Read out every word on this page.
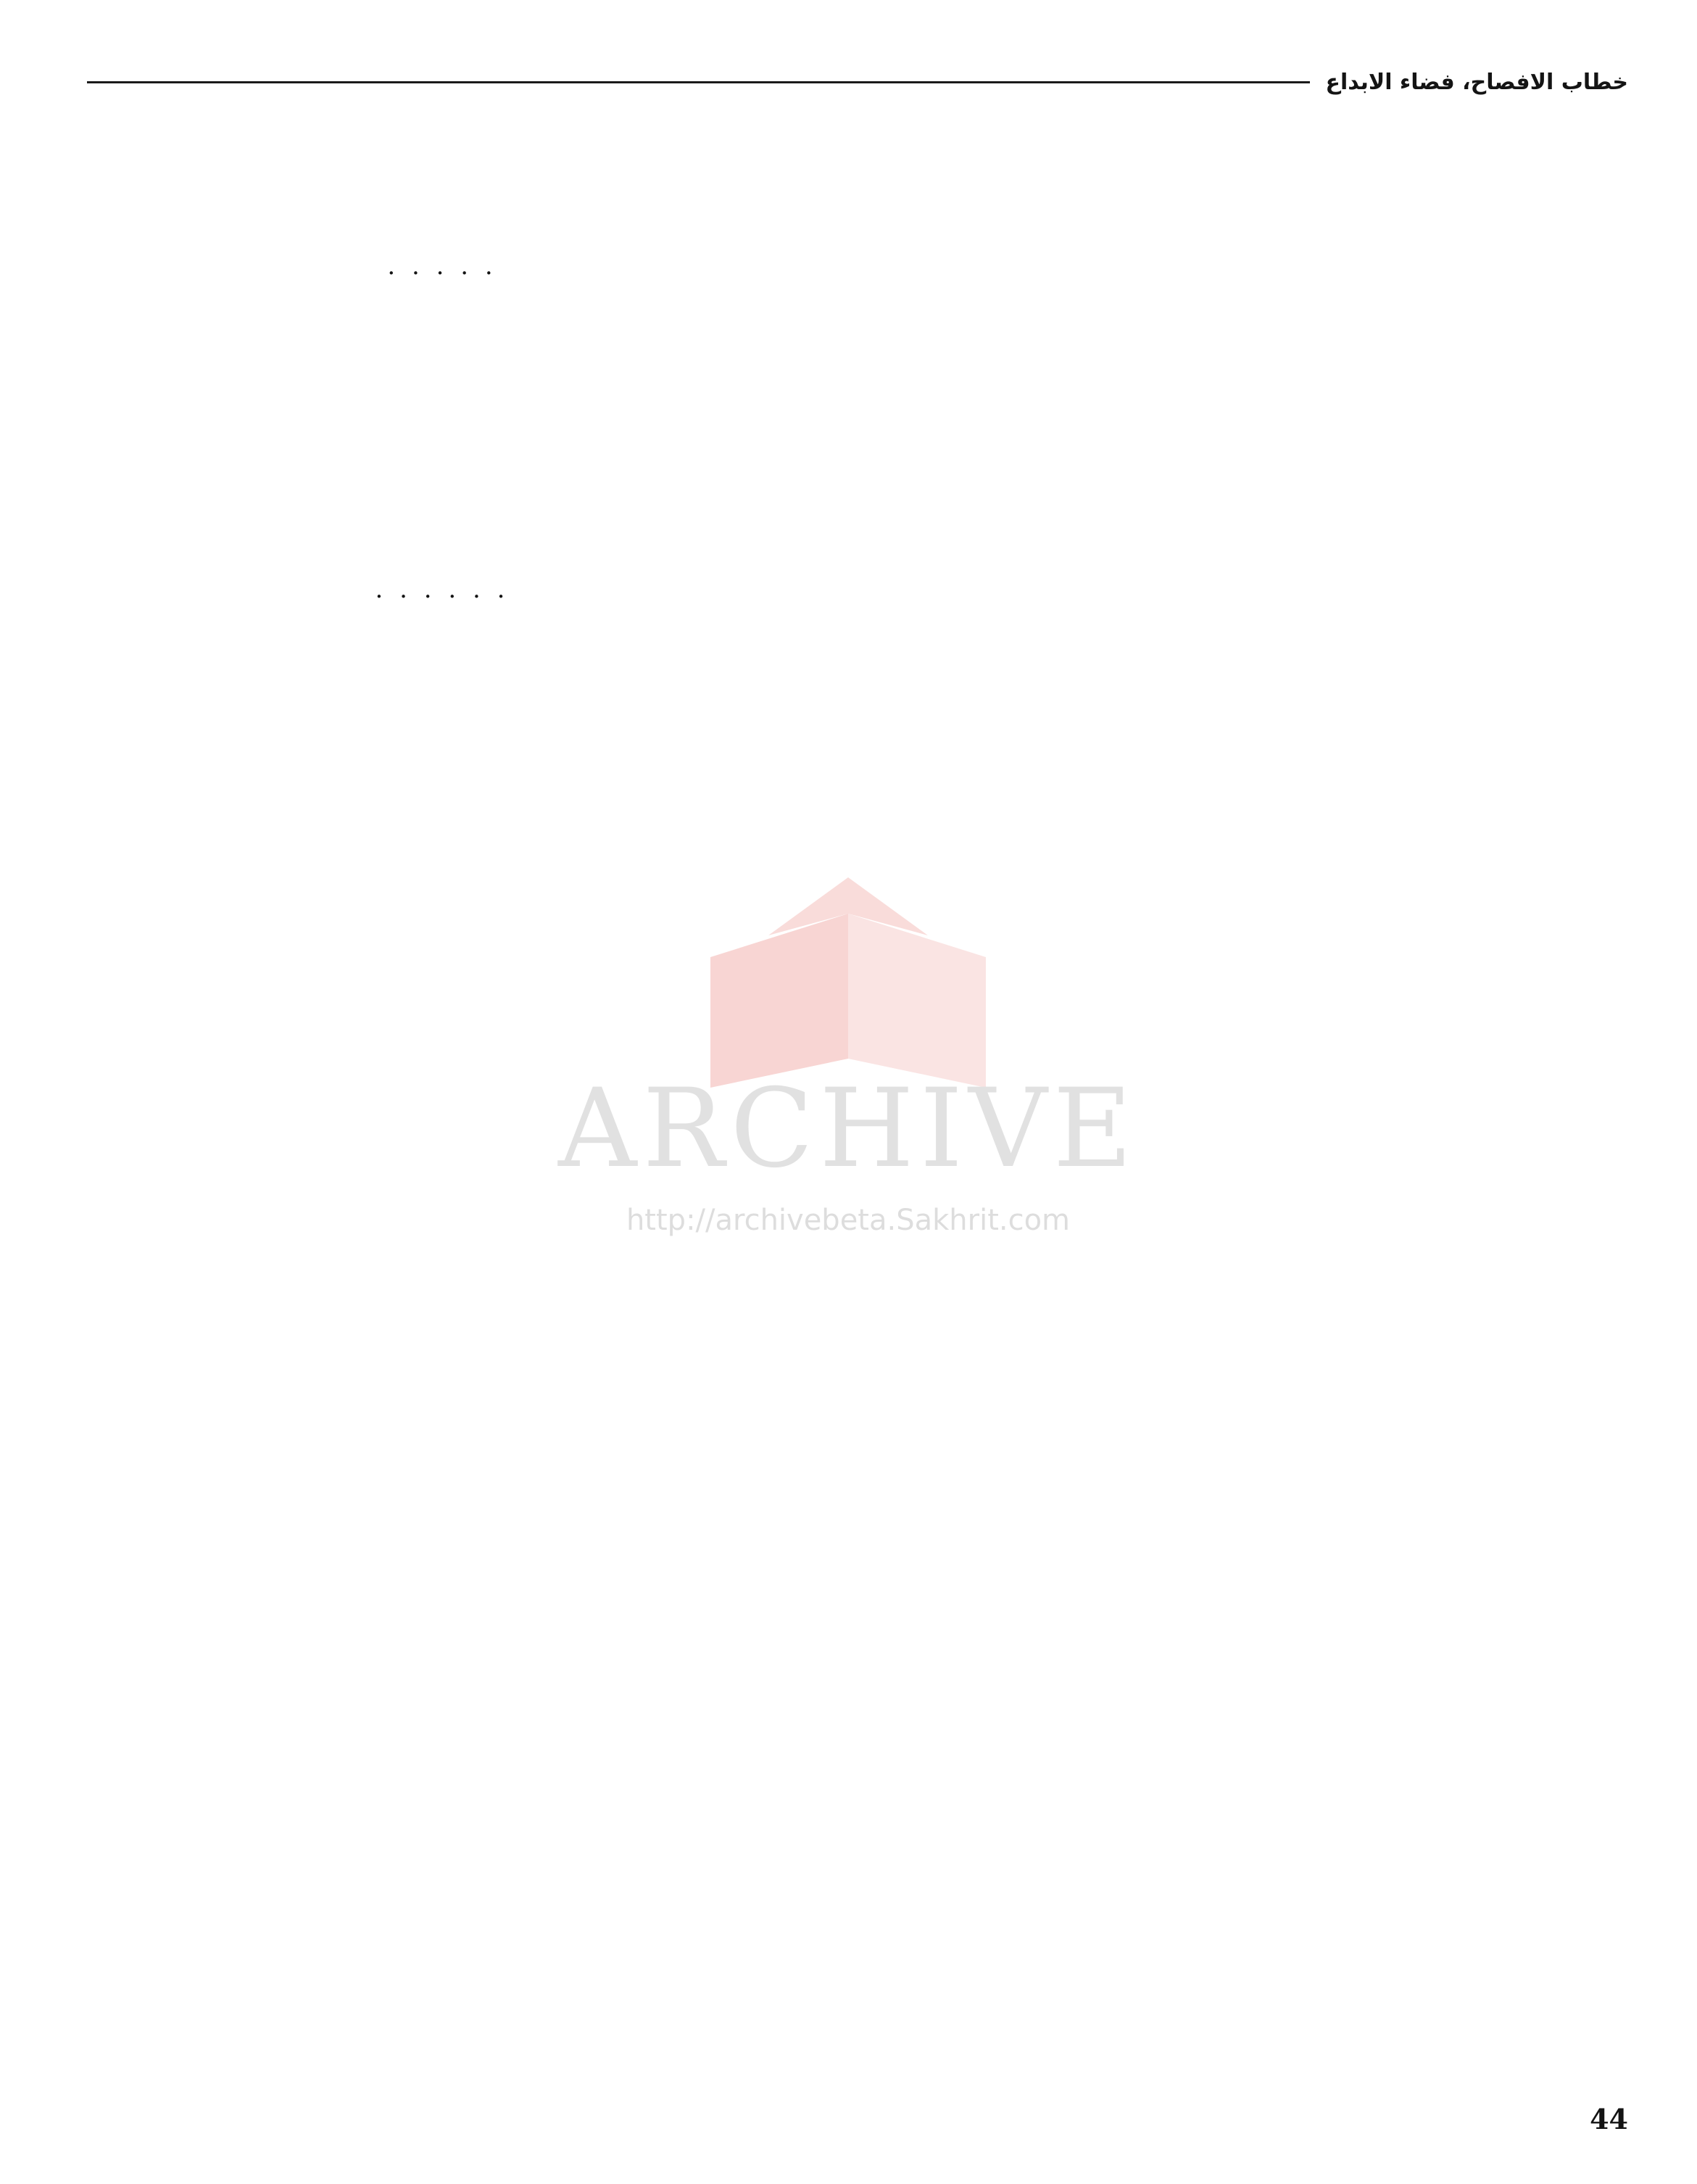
خطاب الافصاح، فضاء الابداع

. . . . .

. . . . . .

ARCHIVE
http://archivebeta.Sakhrit.com
44
